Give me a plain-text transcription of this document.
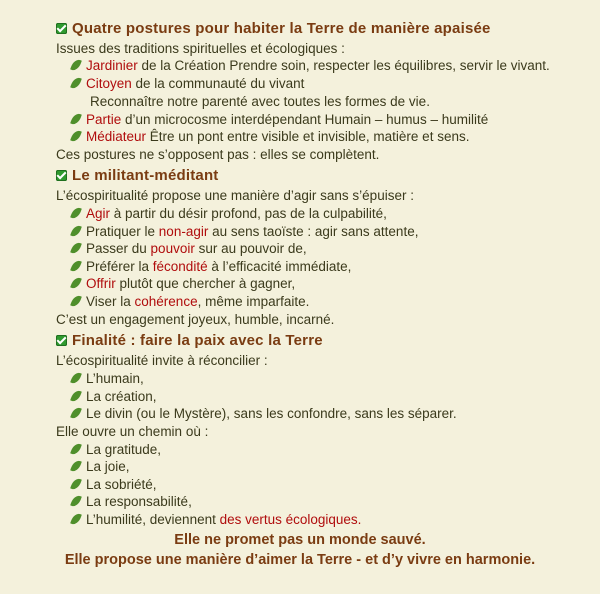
Quatre postures pour habiter la Terre de manière apaisée
Issues des traditions spirituelles et écologiques :
Jardinier de la Création Prendre soin, respecter les équilibres, servir le vivant.
Citoyen de la communauté du vivant
Reconnaître notre parenté avec toutes les formes de vie.
Partie d’un microcosme interdépendant Humain – humus – humilité
Médiateur Être un pont entre visible et invisible, matière et sens.
Ces postures ne s’opposent pas : elles se complètent.
Le militant-méditant
L’écospiritualité propose une manière d’agir sans s’épuiser :
Agir à partir du désir profond, pas de la culpabilité,
Pratiquer le non-agir au sens taoïste : agir sans attente,
Passer du pouvoir sur au pouvoir de,
Préférer la fécondité à l’efficacité immédiate,
Offrir plutôt que chercher à gagner,
Viser la cohérence, même imparfaite.
C’est un engagement joyeux, humble, incarné.
Finalité : faire la paix avec la Terre
L’écospiritualité invite à réconcilier :
L’humain,
La création,
Le divin (ou le Mystère), sans les confondre, sans les séparer.
Elle ouvre un chemin où :
La gratitude,
La joie,
La sobriété,
La responsabilité,
L’humilité, deviennent des vertus écologiques.
Elle ne promet pas un monde sauvé.
Elle propose une manière d’aimer la Terre - et d’y vivre en harmonie.
